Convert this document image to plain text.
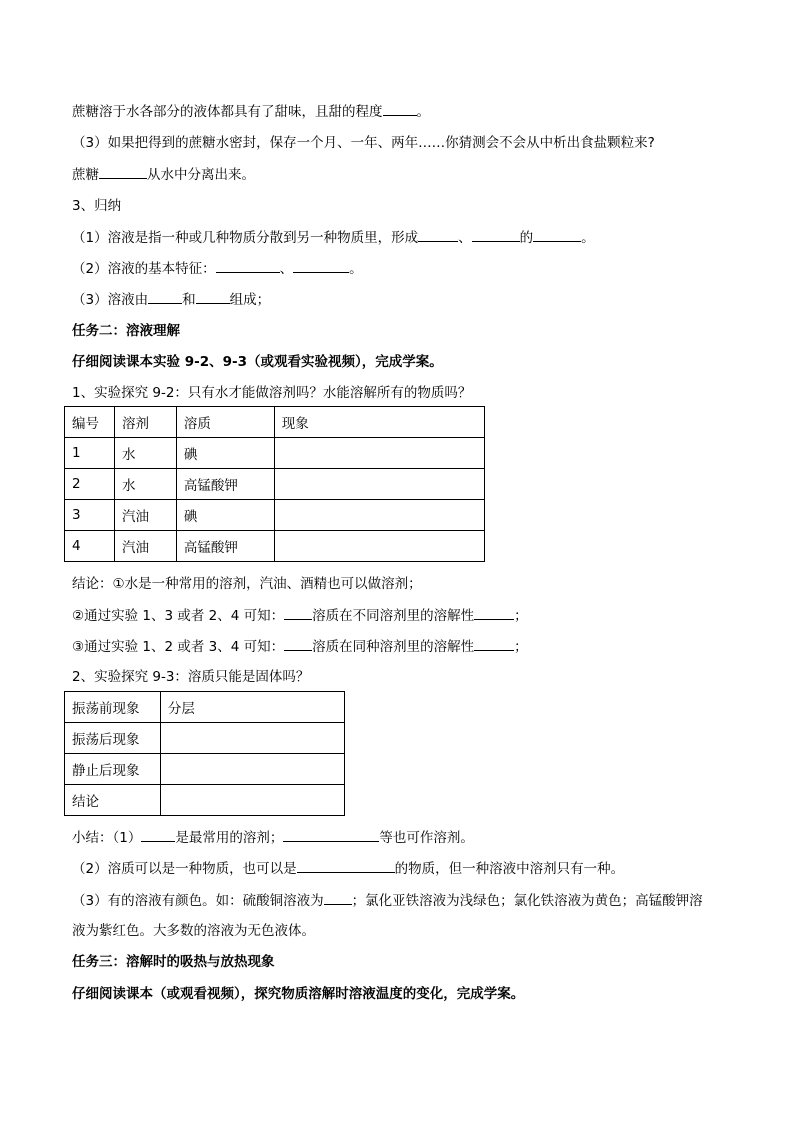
蔗糖溶于水各部分的液体都具有了甜味，且甜的程度	。
（3）如果把得到的蔗糖水密封，保存一个月、一年、两年……你猜测会不会从中析出食盐颗粒来?
蔗糖	从水中分离出来。
3、归纳
（1）溶液是指一种或几种物质分散到另一种物质里，形成	、	的	。
（2）溶液的基本特征：	、	。
（3）溶液由	和	组成；
任务二：溶液理解
仔细阅读课本实验 9-2、9-3（或观看实验视频），完成学案。
1、实验探究 9-2：只有水才能做溶剂吗？水能溶解所有的物质吗？
编号	溶剂	溶质	现象
1	水	碘	
2	水	高锰酸钾	
3	汽油	碘	
4	汽油	高锰酸钾	
结论：①水是一种常用的溶剂，汽油、酒精也可以做溶剂；
②通过实验 1、3 或者 2、4 可知： 溶质在不同溶剂里的溶解性	；
③通过实验 1、2 或者 3、4 可知： 溶质在同种溶剂里的溶解性	；
2、实验探究 9-3：溶质只能是固体吗？
振荡前现象	分层
振荡后现象	
静止后现象	
结论	
小结：（1）	是最常用的溶剂；	等也可作溶剂。
（2）溶质可以是一种物质，也可以是	的物质，但一种溶液中溶剂只有一种。
（3）有的溶液有颜色。如：硫酸铜溶液为 ；氯化亚铁溶液为浅绿色；氯化铁溶液为黄色；高锰酸钾溶
液为紫红色。大多数的溶液为无色液体。
任务三：溶解时的吸热与放热现象
仔细阅读课本（或观看视频），探究物质溶解时溶液温度的变化，完成学案。
